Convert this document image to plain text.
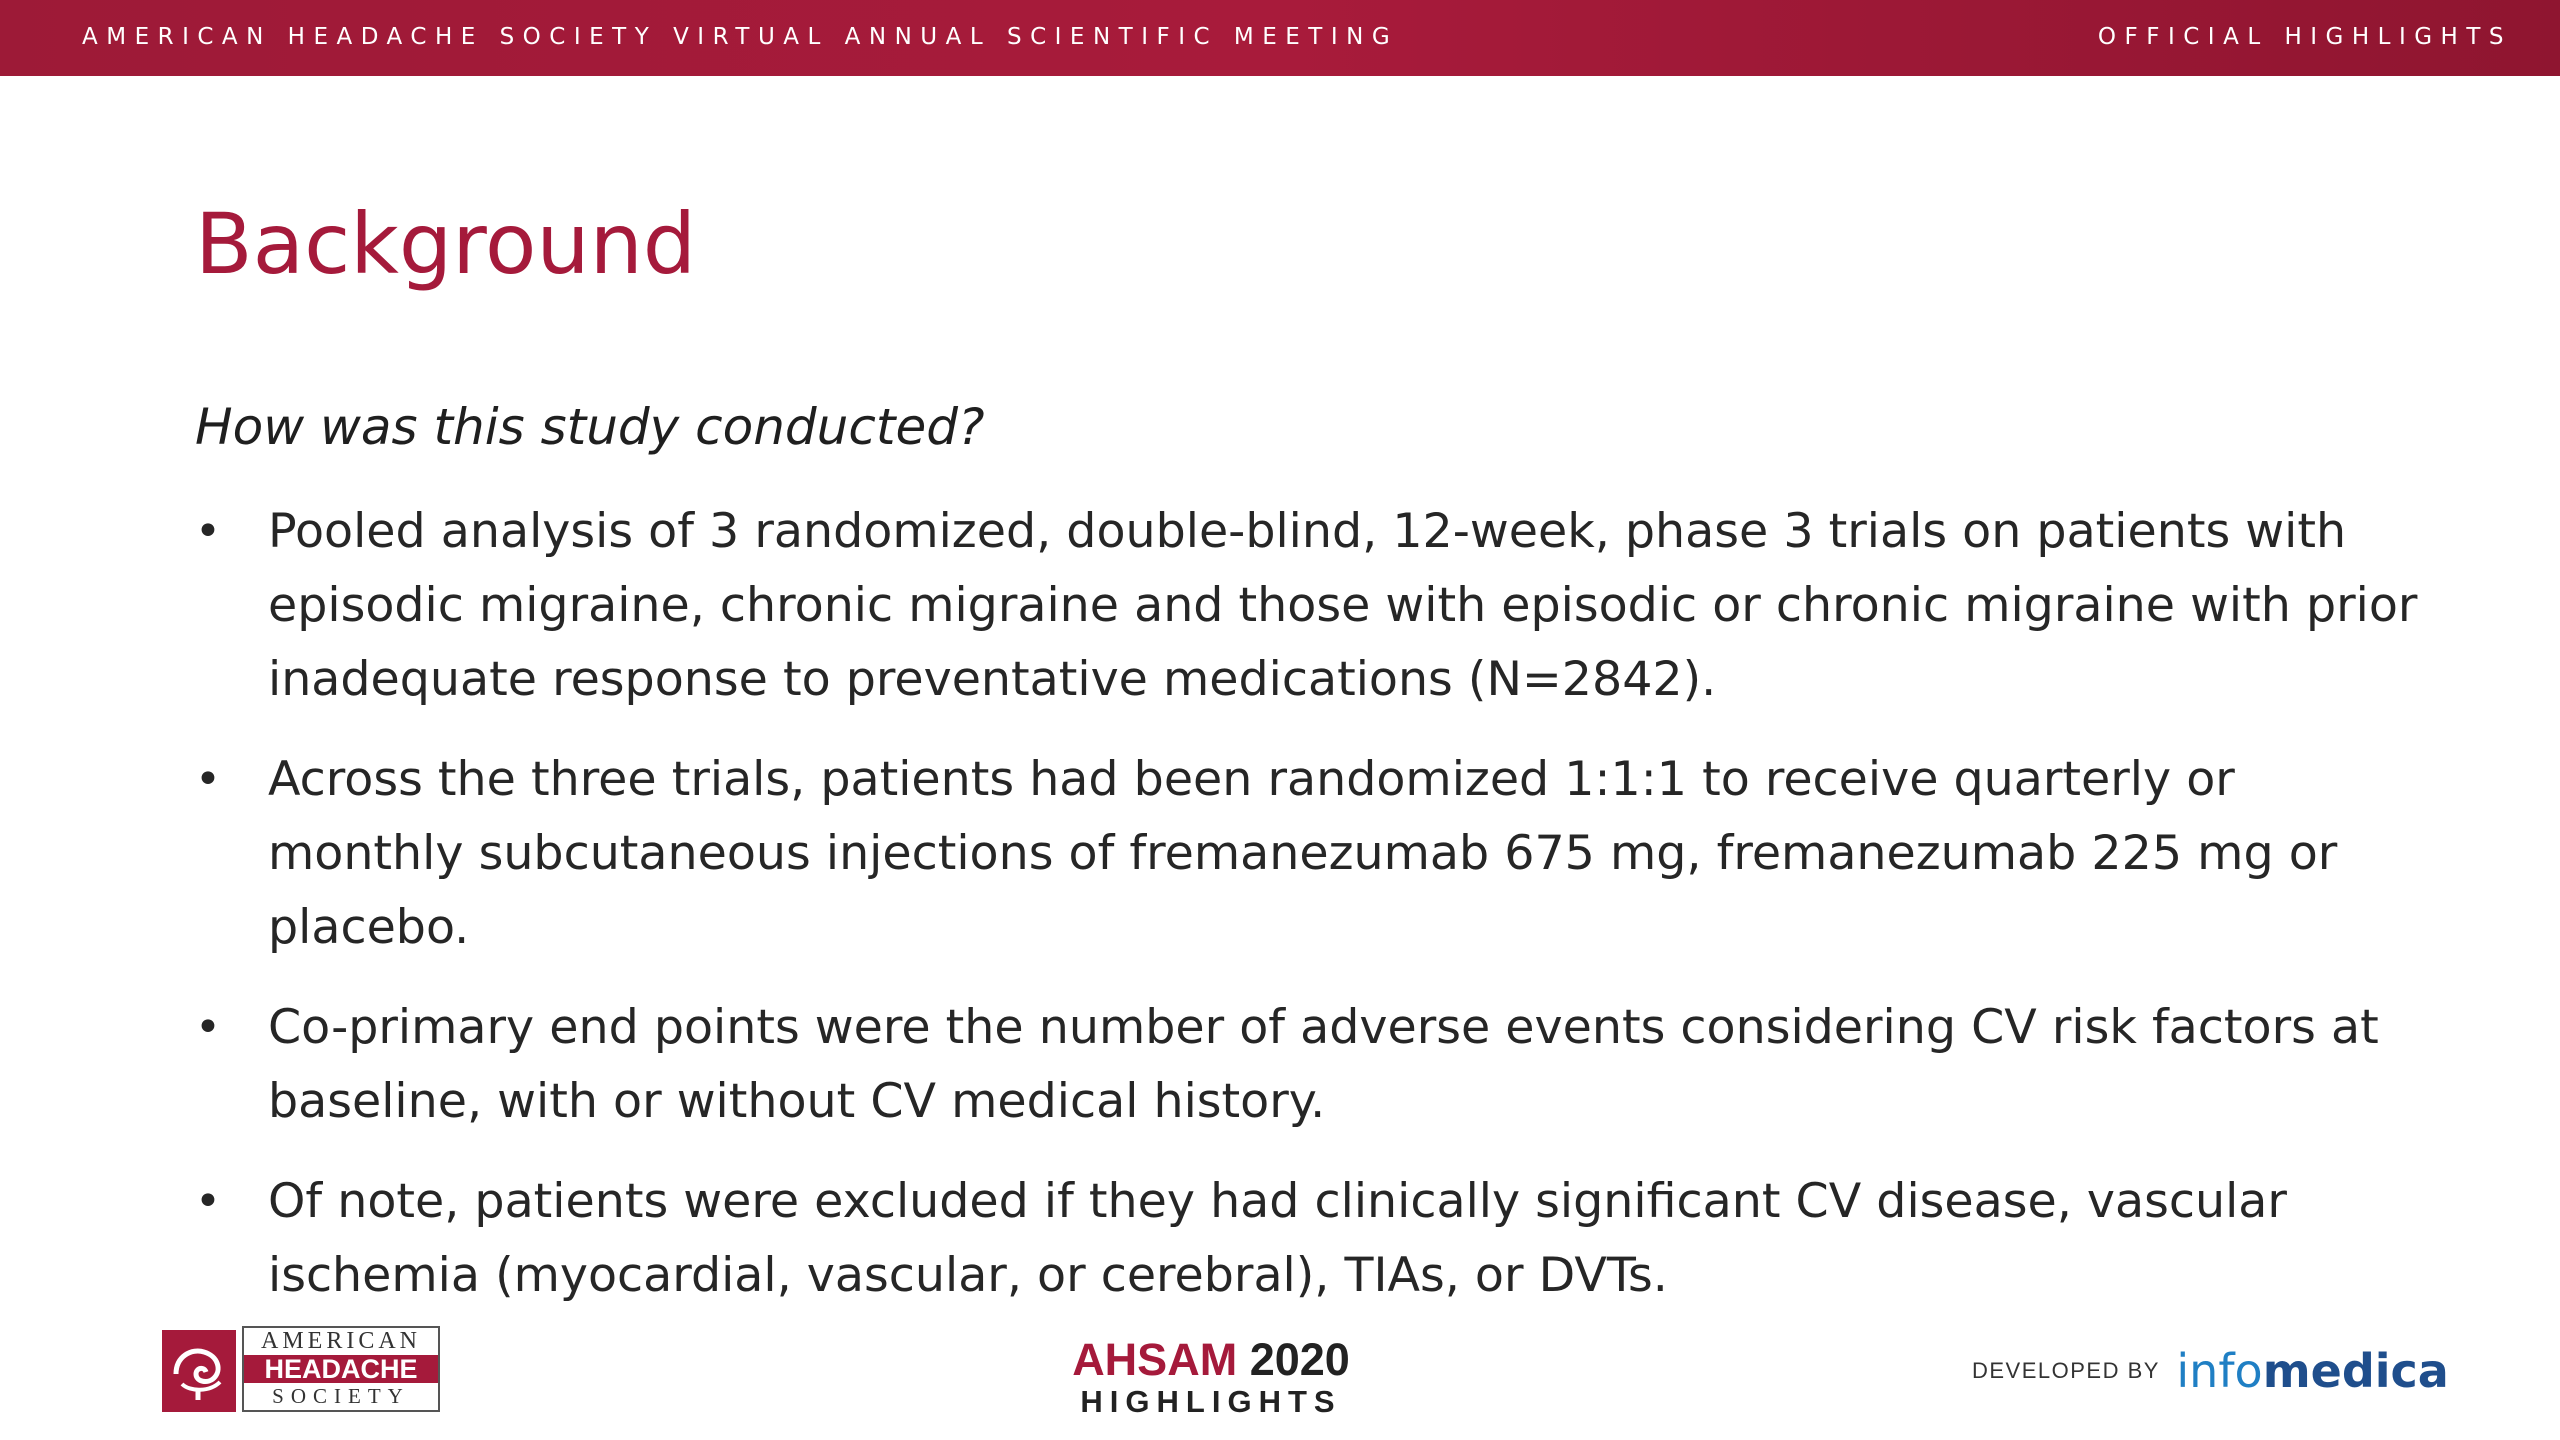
AMERICAN HEADACHE SOCIETY VIRTUAL ANNUAL SCIENTIFIC MEETING	OFFICIAL HIGHLIGHTS
Background
How was this study conducted?
• Pooled analysis of 3 randomized, double-blind, 12-week, phase 3 trials on patients with episodic migraine, chronic migraine and those with episodic or chronic migraine with prior inadequate response to preventative medications (N=2842).
• Across the three trials, patients had been randomized 1:1:1 to receive quarterly or monthly subcutaneous injections of fremanezumab 675 mg, fremanezumab 225 mg or placebo.
• Co-primary end points were the number of adverse events considering CV risk factors at baseline, with or without CV medical history.
• Of note, patients were excluded if they had clinically significant CV disease, vascular ischemia (myocardial, vascular, or cerebral), TIAs, or DVTs.
AMERICAN
HEADACHE
SOCIETY
AHSAM 2020
HIGHLIGHTS
DEVELOPED BY infomedica
